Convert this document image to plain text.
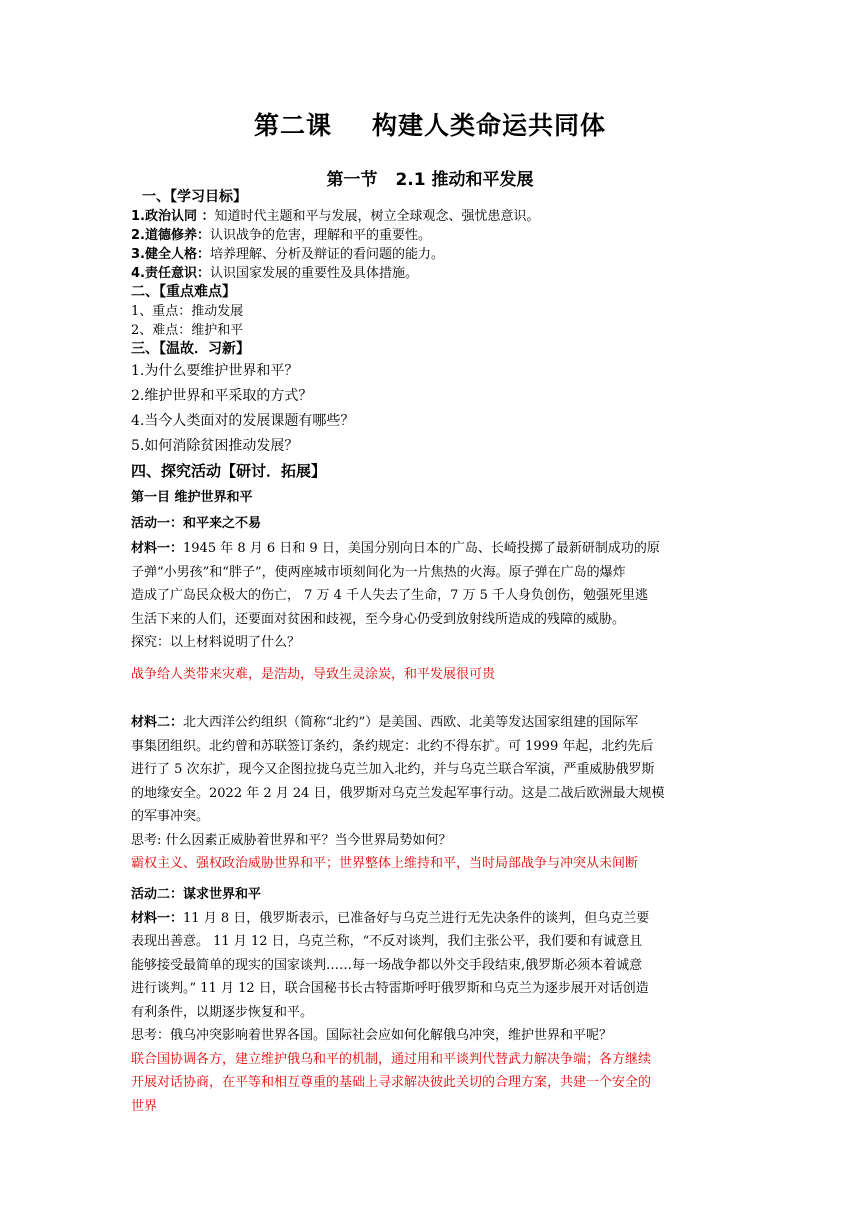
第二课 构建人类命运共同体
第一节 2.1 推动和平发展
一、【学习目标】
1.政治认同 ：知道时代主题和平与发展，树立全球观念、强忧患意识。
2.道德修养：认识战争的危害，理解和平的重要性。
3.健全人格：培养理解、分析及辩证的看问题的能力。
4.责任意识：认识国家发展的重要性及具体措施。
二、【重点难点】
1、重点：推动发展
2、难点：维护和平
三、【温故．习新】
1.为什么要维护世界和平？
2.维护世界和平采取的方式？
4.当今人类面对的发展课题有哪些？
5.如何消除贫困推动发展？
四、探究活动【研讨．拓展】
第一目 维护世界和平
活动一：和平来之不易
材料一：1945 年 8 月 6 日和 9 日，美国分别向日本的广岛、长崎投掷了最新研制成功的原
子弹“小男孩”和“胖子”，使两座城市顷刻间化为一片焦热的火海。原子弹在广岛的爆炸
造成了广岛民众极大的伤亡， 7 万 4 千人失去了生命，7 万 5 千人身负创伤，勉强死里逃
生活下来的人们，还要面对贫困和歧视，至今身心仍受到放射线所造成的残障的威胁。
探究：以上材料说明了什么？
战争给人类带来灾难，是浩劫，导致生灵涂炭，和平发展很可贵
材料二：北大西洋公约组织（简称“北约”）是美国、西欧、北美等发达国家组建的国际军
事集团组织。北约曾和苏联签订条约，条约规定：北约不得东扩。可 1999 年起，北约先后
进行了 5 次东扩，现今又企图拉拢乌克兰加入北约，并与乌克兰联合军演，严重威胁俄罗斯
的地缘安全。2022 年 2 月 24 日，俄罗斯对乌克兰发起军事行动。这是二战后欧洲最大规模
的军事冲突。
思考: 什么因素正威胁着世界和平？当今世界局势如何？
霸权主义、强权政治威胁世界和平；世界整体上维持和平，当时局部战争与冲突从未间断
活动二：谋求世界和平
材料一：11 月 8 日，俄罗斯表示，已准备好与乌克兰进行无先决条件的谈判，但乌克兰要
表现出善意。 11 月 12 日，乌克兰称，“不反对谈判，我们主张公平，我们要和有诚意且
能够接受最简单的现实的国家谈判……每一场战争都以外交手段结束,俄罗斯必须本着诚意
进行谈判。” 11 月 12 日，联合国秘书长古特雷斯呼吁俄罗斯和乌克兰为逐步展开对话创造
有利条件，以期逐步恢复和平。
思考：俄乌冲突影响着世界各国。国际社会应如何化解俄乌冲突，维护世界和平呢？
联合国协调各方，建立维护俄乌和平的机制，通过用和平谈判代替武力解决争端；各方继续
开展对话协商，在平等和相互尊重的基础上寻求解决彼此关切的合理方案，共建一个安全的
世界
